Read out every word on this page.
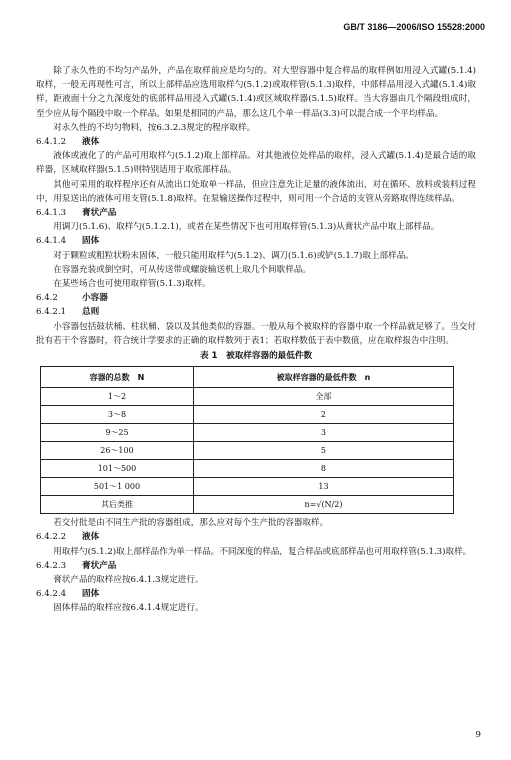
GB/T 3186—2006/ISO 15528:2000

除了永久性的不均匀产品外，产品在取样前应是均匀的。对大型容器中复合样品的取样例如用浸入式罐(5.1.4)取样，一般无再现性可言，所以上部样品应选用取样勺(5.1.2)或取样管(5.1.3)取样，中部样品用浸入式罐(5.1.4)取样，距液面十分之九深度处的底部样品用浸入式罐(5.1.4)或区域取样器(5.1.5)取样。当大容器由几个隔段组成时，至少应从每个隔段中取一个样品。如果是相同的产品，那么这几个单一样品(3.3)可以混合成一个平均样品。

对永久性的不均匀物料，按6.3.2.3规定的程序取样。

6.4.1.2 液体

液体或液化了的产品可用取样勺(5.1.2)取上部样品。对其他液位处样品的取样，浸入式罐(5.1.4)是最合适的取样器，区域取样器(5.1.5)则特别适用于取底部样品。

其他可采用的取样程序还有从流出口处取单一样品，但应注意先让足量的液体流出，对在循环、放料或装料过程中，用泵送出的液体可用支管(5.1.8)取样。在泵输送操作过程中，则可用一个合适的支管从旁路取得连续样品。

6.4.1.3 膏状产品

用调刀(5.1.6)、取样勺(5.1.2.1)，或者在某些情况下也可用取样管(5.1.3)从膏状产品中取上部样品。

6.4.1.4 固体

对于颗粒或粗粒状粉末固体，一般只能用取样勺(5.1.2)、调刀(5.1.6)或铲(5.1.7)取上部样品。

在容器充装或倒空时，可从传送带或螺旋输送机上取几个间歇样品。

在某些场合也可使用取样管(5.1.3)取样。

6.4.2	小容器
6.4.2.1 总则

小容器包括鼓状桶、柱状桶、袋以及其他类似的容器。一般从每个被取样的容器中取一个样品就足够了。当交付批有若干个容器时，符合统计学要求的正确的取样数列于表1；若取样数低于表中数值，应在取样报告中注明。

表 1　被取样容器的最低件数
容器的总数　N	被取样容器的最低件数　n
1～2	全部
3～8	2
9～25	3
26～100	5
101～500	8
501～1 000	13
其后类推	n=√(N/2)

若交付批是由不同生产批的容器组成，那么应对每个生产批的容器取样。

6.4.2.2 液体

用取样勺(5.1.2)取上部样品作为单一样品。不同深度的样品，复合样品或底部样品也可用取样管(5.1.3)取样。

6.4.2.3 膏状产品

膏状产品的取样应按6.4.1.3规定进行。

6.4.2.4 固体

固体样品的取样应按6.4.1.4规定进行。

9
